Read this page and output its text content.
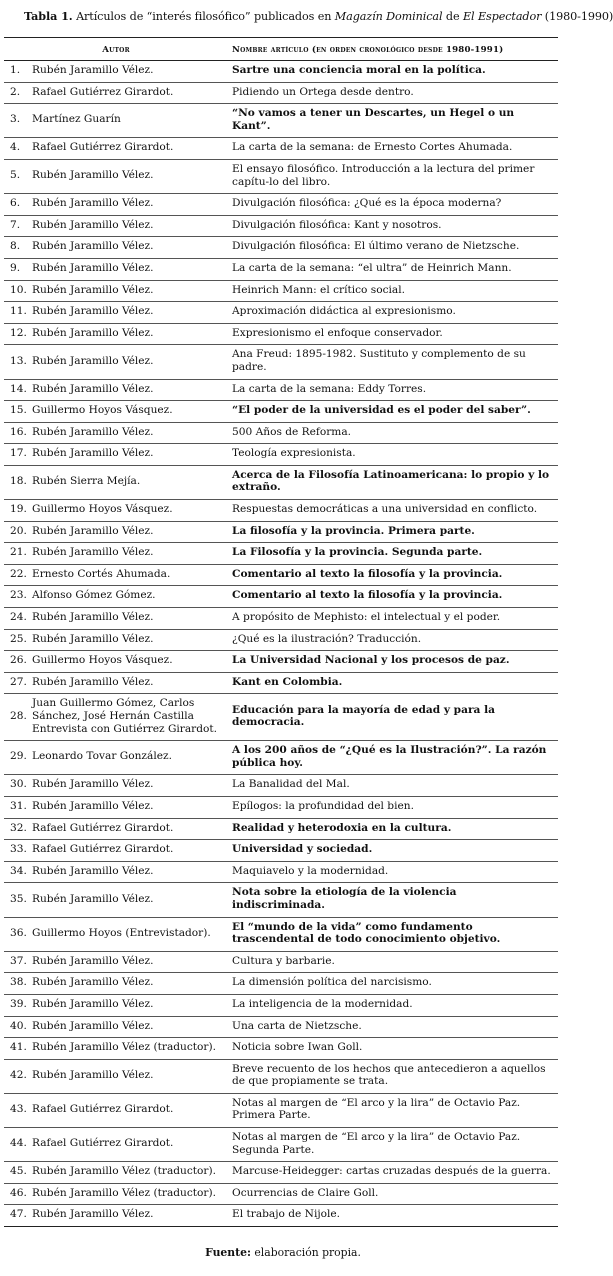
Tabla 1. Artículos de “interés filosófico” publicados en Magazín Dominical de El Espectador (1980-1990)
Autor		Nombre artículo (en orden cronológico desde 1980-1991)
1.	Rubén Jaramillo Vélez.	Sartre una conciencia moral en la política.
2.	Rafael Gutiérrez Girardot.	Pidiendo un Ortega desde dentro.
3.	Martínez Guarín	“No vamos a tener un Descartes, un Hegel o un Kant”.
4.	Rafael Gutiérrez Girardot.	La carta de la semana: de Ernesto Cortes Ahumada.
5.	Rubén Jaramillo Vélez.	El ensayo filosófico. Introducción a la lectura del primer capítu-lo del libro.
6.	Rubén Jaramillo Vélez.	Divulgación filosófica: ¿Qué es la época moderna?
7.	Rubén Jaramillo Vélez.	Divulgación filosófica: Kant y nosotros.
8.	Rubén Jaramillo Vélez.	Divulgación filosófica: El último verano de Nietzsche.
9.	Rubén Jaramillo Vélez.	La carta de la semana: “el ultra” de Heinrich Mann.
10.	Rubén Jaramillo Vélez.	Heinrich Mann: el crítico social.
11.	Rubén Jaramillo Vélez.	Aproximación didáctica al expresionismo.
12.	Rubén Jaramillo Vélez.	Expresionismo el enfoque conservador.
13.	Rubén Jaramillo Vélez.	Ana Freud: 1895-1982. Sustituto y complemento de su padre.
14.	Rubén Jaramillo Vélez.	La carta de la semana: Eddy Torres.
15.	Guillermo Hoyos Vásquez.	“El poder de la universidad es el poder del saber”.
16.	Rubén Jaramillo Vélez.	500 Años de Reforma.
17.	Rubén Jaramillo Vélez.	Teología expresionista.
18.	Rubén Sierra Mejía.	Acerca de la Filosofía Latinoamericana: lo propio y lo extraño.
19.	Guillermo Hoyos Vásquez.	Respuestas democráticas a una universidad en conflicto.
20.	Rubén Jaramillo Vélez.	La filosofía y la provincia. Primera parte.
21.	Rubén Jaramillo Vélez.	La Filosofía y la provincia. Segunda parte.
22.	Ernesto Cortés Ahumada.	Comentario al texto la filosofía y la provincia.
23.	Alfonso Gómez Gómez.	Comentario al texto la filosofía y la provincia.
24.	Rubén Jaramillo Vélez.	A propósito de Mephisto: el intelectual y el poder.
25.	Rubén Jaramillo Vélez.	¿Qué es la ilustración? Traducción.
26.	Guillermo Hoyos Vásquez.	La Universidad Nacional y los procesos de paz.
27.	Rubén Jaramillo Vélez.	Kant en Colombia.
28.	Juan Guillermo Gómez, Carlos Sánchez, José Hernán Castilla Entrevista con Gutiérrez Girardot.	Educación para la mayoría de edad y para la democracia.
29.	Leonardo Tovar González.	A los 200 años de “¿Qué es la Ilustración?”. La razón pública hoy.
30.	Rubén Jaramillo Vélez.	La Banalidad del Mal.
31.	Rubén Jaramillo Vélez.	Epílogos: la profundidad del bien.
32.	Rafael Gutiérrez Girardot.	Realidad y heterodoxia en la cultura.
33.	Rafael Gutiérrez Girardot.	Universidad y sociedad.
34.	Rubén Jaramillo Vélez.	Maquiavelo y la modernidad.
35.	Rubén Jaramillo Vélez.	Nota sobre la etiología de la violencia indiscriminada.
36.	Guillermo Hoyos (Entrevistador).	El “mundo de la vida” como fundamento trascendental de todo conocimiento objetivo.
37.	Rubén Jaramillo Vélez.	Cultura y barbarie.
38.	Rubén Jaramillo Vélez.	La dimensión política del narcisismo.
39.	Rubén Jaramillo Vélez.	La inteligencia de la modernidad.
40.	Rubén Jaramillo Vélez.	Una carta de Nietzsche.
41.	Rubén Jaramillo Vélez (traductor).	Noticia sobre Iwan Goll.
42.	Rubén Jaramillo Vélez.	Breve recuento de los hechos que antecedieron a aquellos de que propiamente se trata.
43.	Rafael Gutiérrez Girardot.	Notas al margen de “El arco y la lira” de Octavio Paz. Primera Parte.
44.	Rafael Gutiérrez Girardot.	Notas al margen de “El arco y la lira” de Octavio Paz. Segunda Parte.
45.	Rubén Jaramillo Vélez (traductor).	Marcuse-Heidegger: cartas cruzadas después de la guerra.
46.	Rubén Jaramillo Vélez (traductor).	Ocurrencias de Claire Goll.
47.	Rubén Jaramillo Vélez.	El trabajo de Nijole.
Fuente: elaboración propia.
